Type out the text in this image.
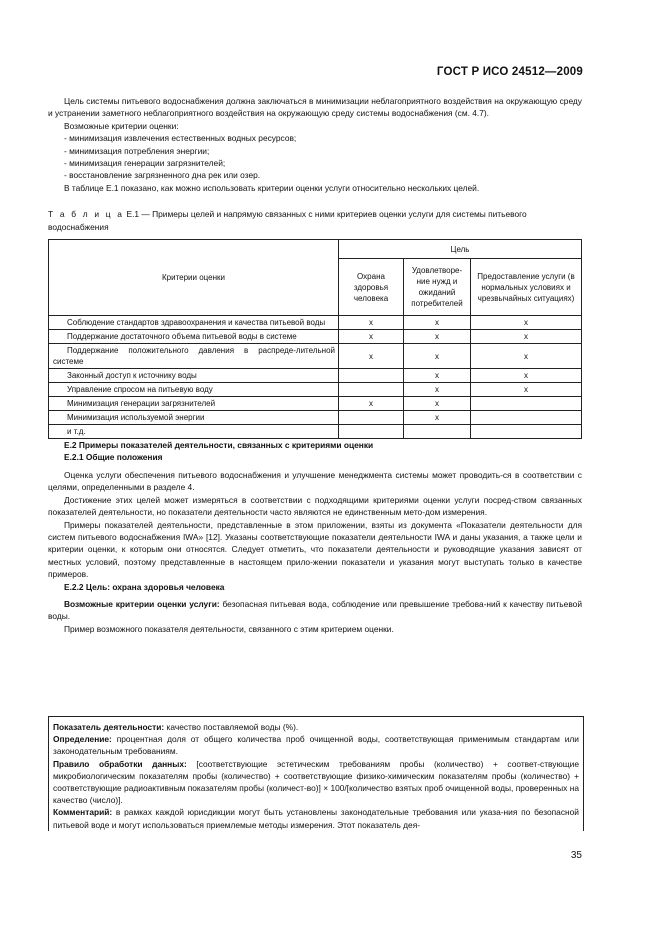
ГОСТ Р ИСО 24512—2009

Цель системы питьевого водоснабжения должна заключаться в минимизации неблагоприятного воздействия на окружающую среду и устранении заметного неблагоприятного воздействия на окружающую среду системы водоснабжения (см. 4.7).

Возможные критерии оценки:

- минимизация извлечения естественных водных ресурсов;

- минимизация потребления энергии;

- минимизация генерации загрязнителей;

- восстановление загрязненного дна рек или озер.

В таблице Е.1 показано, как можно использовать критерии оценки услуги относительно нескольких целей.

Т а б л и ц а Е.1 — Примеры целей и напрямую связанных с ними критериев оценки услуги для системы питьевого водоснабжения

Критерии оценки	Цель		
	Охрана здоровья человека	Удовлетворе-ние нужд и ожиданий потребителей	Предоставление услуги (в нормальных условиях и чрезвычайных ситуациях)

Соблюдение стандартов здравоохранения и качества питьевой воды	x	x	x

Поддержание достаточного объема питьевой воды в системе	x	x	x

Поддержание положительного давления в распреде-лительной системе	x	x	x

Законный доступ к источнику воды		x	x

Управление спросом на питьевую воду		x	x

Минимизация генерации загрязнителей	x	x	

Минимизация используемой энергии		x	

и т.д.			

Е.2 Примеры показателей деятельности, связанных с критериями оценки

Е.2.1 Общие положения

Оценка услуги обеспечения питьевого водоснабжения и улучшение менеджмента системы может проводить-ся в соответствии с целями, определенными в разделе 4.

Достижение этих целей может измеряться в соответствии с подходящими критериями оценки услуги посред-ством связанных показателей деятельности, но показатели деятельности часто являются не единственным мето-дом измерения.

Примеры показателей деятельности, представленные в этом приложении, взяты из документа «Показатели деятельности для систем питьевого водоснабжения IWA» [12]. Указаны соответствующие показатели деятельности IWA и даны указания, а также цели и критерии оценки, к которым они относятся. Следует отметить, что показатели деятельности и руководящие указания зависят от местных условий, поэтому представленные в настоящем прило-жении показатели и указания могут выступать только в качестве примеров.

Е.2.2 Цель: охрана здоровья человека

Возможные критерии оценки услуги: безопасная питьевая вода, соблюдение или превышение требова-ний к качеству питьевой воды.

Пример возможного показателя деятельности, связанного с этим критерием оценки.

Показатель деятельности: качество поставляемой воды (%).

Определение: процентная доля от общего количества проб очищенной воды, соответствующая применимым стандартам или законодательным требованиям.

Правило обработки данных: [соответствующие эстетическим требованиям пробы (количество) + соответ-ствующие микробиологическим показателям пробы (количество) + соответствующие физико-химическим показателям пробы (количество) + соответствующие радиоактивным показателям пробы (количест-во)] × 100/[количество взятых проб очищенной воды, проверенных на качество (число)].

Комментарий: в рамках каждой юрисдикции могут быть установлены законодательные требования или указа-ния по безопасной питьевой воде и могут использоваться приемлемые методы измерения. Этот показатель дея-

35
